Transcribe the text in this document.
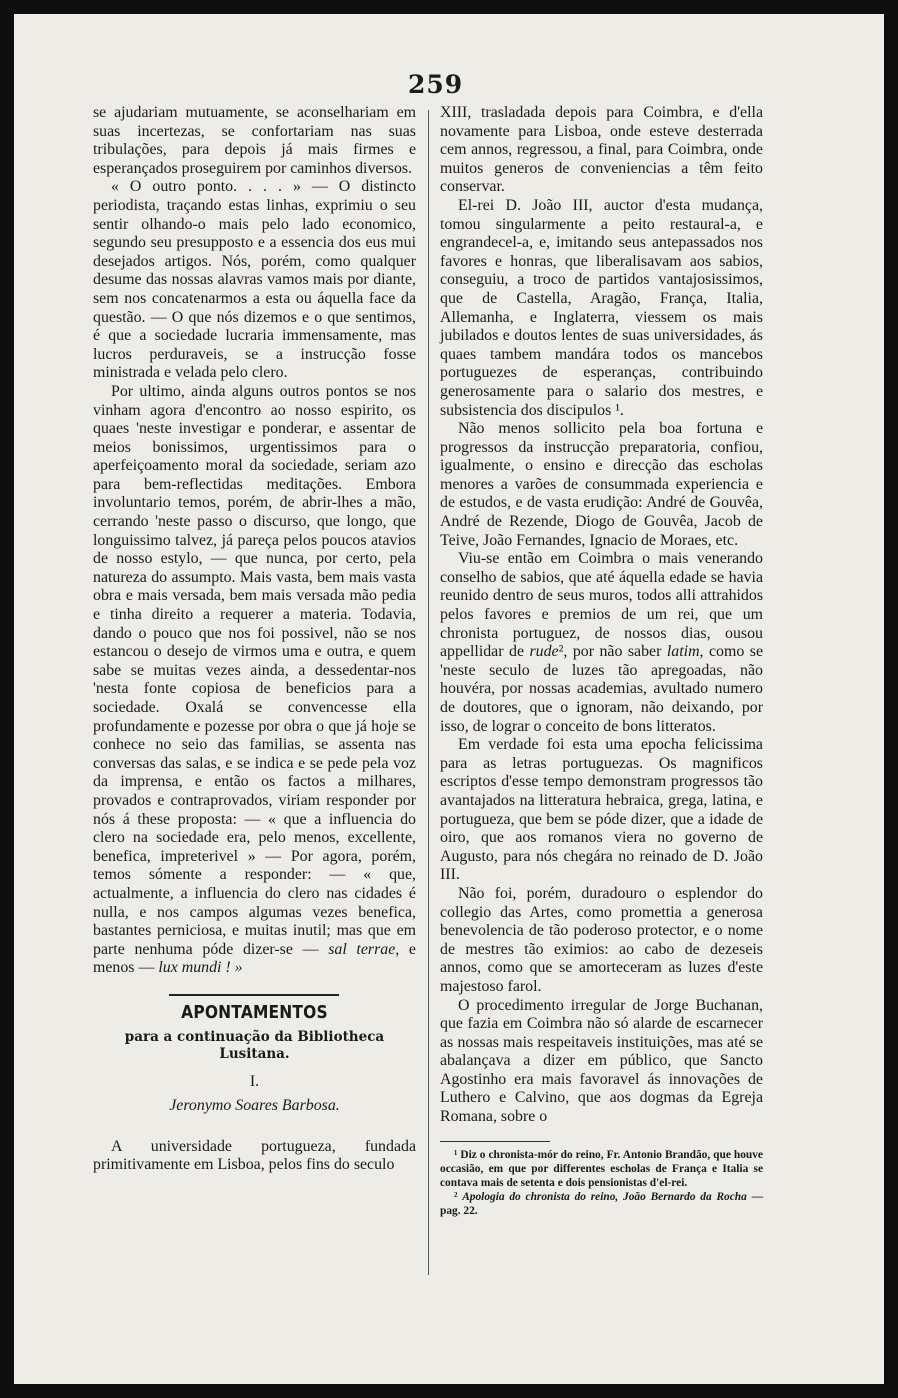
259

se ajudariam mutuamente, se aconselhariam em suas incertezas, se confortariam nas suas tribulações, para depois já mais firmes e esperançados proseguirem por caminhos diversos.

« O outro ponto. . . . » — O distincto periodista, traçando estas linhas, exprimiu o seu sentir olhando-o mais pelo lado economico, segundo seu presupposto e a essencia dos eus mui desejados artigos. Nós, porém, como qualquer desume das nossas alavras vamos mais por diante, sem nos concatenarmos a esta ou áquella face da questão. — O que nós dizemos e o que sentimos, é que a sociedade lucraria immensamente, mas lucros perduraveis, se a instrucção fosse ministrada e velada pelo clero.

Por ultimo, ainda alguns outros pontos se nos vinham agora d'encontro ao nosso espirito, os quaes 'neste investigar e ponderar, e assentar de meios bonissimos, urgentissimos para o aperfeiçoamento moral da sociedade, seriam azo para bem-reflectidas meditações. Embora involuntario temos, porém, de abrir-lhes a mão, cerrando 'neste passo o discurso, que longo, que longuissimo talvez, já pareça pelos poucos atavios de nosso estylo, — que nunca, por certo, pela natureza do assumpto. Mais vasta, bem mais vasta obra e mais versada, bem mais versada mão pedia e tinha direito a requerer a materia. Todavia, dando o pouco que nos foi possivel, não se nos estancou o desejo de virmos uma e outra, e quem sabe se muitas vezes ainda, a dessedentar-nos 'nesta fonte copiosa de beneficios para a sociedade. Oxalá se convencesse ella profundamente e pozesse por obra o que já hoje se conhece no seio das familias, se assenta nas conversas das salas, e se indica e se pede pela voz da imprensa, e então os factos a milhares, provados e contraprovados, viriam responder por nós á these proposta: — « que a influencia do clero na sociedade era, pelo menos, excellente, benefica, impreterivel » — Por agora, porém, temos sómente a responder: — « que, actualmente, a influencia do clero nas cidades é nulla, e nos campos algumas vezes benefica, bastantes perniciosa, e muitas inutil; mas que em parte nenhuma póde dizer-se — sal terrae, e menos — lux mundi ! »

APONTAMENTOS
para a continuação da Bibliotheca Lusitana.
I.
Jeronymo Soares Barbosa.

A universidade portugueza, fundada primitivamente em Lisboa, pelos fins do seculo

XIII, trasladada depois para Coimbra, e d'ella novamente para Lisboa, onde esteve desterrada cem annos, regressou, a final, para Coimbra, onde muitos generos de conveniencias a têm feito conservar.

El-rei D. João III, auctor d'esta mudança, tomou singularmente a peito restaural-a, e engrandecel-a, e, imitando seus antepassados nos favores e honras, que liberalisavam aos sabios, conseguiu, a troco de partidos vantajosissimos, que de Castella, Aragão, França, Italia, Allemanha, e Inglaterra, viessem os mais jubilados e doutos lentes de suas universidades, ás quaes tambem mandára todos os mancebos portuguezes de esperanças, contribuindo generosamente para o salario dos mestres, e subsistencia dos discipulos ¹.

Não menos sollicito pela boa fortuna e progressos da instrucção preparatoria, confiou, igualmente, o ensino e direcção das escholas menores a varões de consummada experiencia e de estudos, e de vasta erudição: André de Gouvêa, André de Rezende, Diogo de Gouvêa, Jacob de Teive, João Fernandes, Ignacio de Moraes, etc.

Viu-se então em Coimbra o mais venerando conselho de sabios, que até áquella edade se havia reunido dentro de seus muros, todos alli attrahidos pelos favores e premios de um rei, que um chronista portuguez, de nossos dias, ousou appellidar de rude², por não saber latim, como se 'neste seculo de luzes tão apregoadas, não houvéra, por nossas academias, avultado numero de doutores, que o ignoram, não deixando, por isso, de lograr o conceito de bons litteratos.

Em verdade foi esta uma epocha felicissima para as letras portuguezas. Os magnificos escriptos d'esse tempo demonstram progressos tão avantajados na litteratura hebraica, grega, latina, e portugueza, que bem se póde dizer, que a idade de oiro, que aos romanos viera no governo de Augusto, para nós chegára no reinado de D. João III.

Não foi, porém, duradouro o esplendor do collegio das Artes, como promettia a generosa benevolencia de tão poderoso protector, e o nome de mestres tão eximios: ao cabo de dezeseis annos, como que se amorteceram as luzes d'este majestoso farol.

O procedimento irregular de Jorge Buchanan, que fazia em Coimbra não só alarde de escarnecer as nossas mais respeitaveis instituições, mas até se abalançava a dizer em público, que Sancto Agostinho era mais favoravel ás innovações de Luthero e Calvino, que aos dogmas da Egreja Romana, sobre o

¹ Diz o chronista-mór do reino, Fr. Antonio Brandão, que houve occasião, em que por differentes escholas de França e Italia se contava mais de setenta e dois pensionistas d'el-rei.

² Apologia do chronista do reino, João Bernardo da Rocha — pag. 22.
